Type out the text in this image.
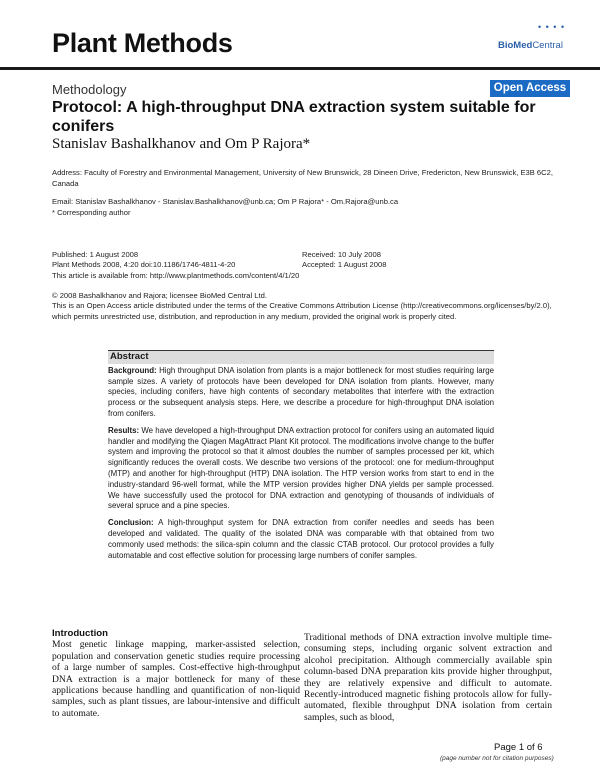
Plant Methods
• • • •
BioMedCentral
Methodology	Open Access
Protocol: A high-throughput DNA extraction system suitable for conifers
Stanislav Bashalkhanov and Om P Rajora*
Address: Faculty of Forestry and Environmental Management, University of New Brunswick, 28 Dineen Drive, Fredericton, New Brunswick, E3B 6C2, Canada
Email: Stanislav Bashalkhanov - Stanislav.Bashalkhanov@unb.ca; Om P Rajora* - Om.Rajora@unb.ca
* Corresponding author
Published: 1 August 2008
Plant Methods 2008, 4:20 doi:10.1186/1746-4811-4-20
Received: 10 July 2008
Accepted: 1 August 2008
This article is available from: http://www.plantmethods.com/content/4/1/20
© 2008 Bashalkhanov and Rajora; licensee BioMed Central Ltd.
This is an Open Access article distributed under the terms of the Creative Commons Attribution License (http://creativecommons.org/licenses/by/2.0), which permits unrestricted use, distribution, and reproduction in any medium, provided the original work is properly cited.
Abstract

Background: High throughput DNA isolation from plants is a major bottleneck for most studies requiring large sample sizes. A variety of protocols have been developed for DNA isolation from plants. However, many species, including conifers, have high contents of secondary metabolites that interfere with the extraction process or the subsequent analysis steps. Here, we describe a procedure for high-throughput DNA isolation from conifers.

Results: We have developed a high-throughput DNA extraction protocol for conifers using an automated liquid handler and modifying the Qiagen MagAttract Plant Kit protocol. The modifications involve change to the buffer system and improving the protocol so that it almost doubles the number of samples processed per kit, which significantly reduces the overall costs. We describe two versions of the protocol: one for medium-throughput (MTP) and another for high-throughput (HTP) DNA isolation. The HTP version works from start to end in the industry-standard 96-well format, while the MTP version provides higher DNA yields per sample processed. We have successfully used the protocol for DNA extraction and genotyping of thousands of individuals of several spruce and a pine species.

Conclusion: A high-throughput system for DNA extraction from conifer needles and seeds has been developed and validated. The quality of the isolated DNA was comparable with that obtained from two commonly used methods: the silica-spin column and the classic CTAB protocol. Our protocol provides a fully automatable and cost effective solution for processing large numbers of conifer samples.

Introduction
Most genetic linkage mapping, marker-assisted selection, population and conservation genetic studies require processing of a large number of samples. Cost-effective high-throughput DNA extraction is a major bottleneck for many of these applications because handling and quantification of non-liquid samples, such as plant tissues, are labour-intensive and difficult to automate.
Traditional methods of DNA extraction involve multiple time-consuming steps, including organic solvent extraction and alcohol precipitation. Although commercially available spin column-based DNA preparation kits provide higher throughput, they are relatively expensive and difficult to automate. Recently-introduced magnetic fishing protocols allow for fully-automated, flexible throughput DNA isolation from certain samples, such as blood,
Page 1 of 6
(page number not for citation purposes)
